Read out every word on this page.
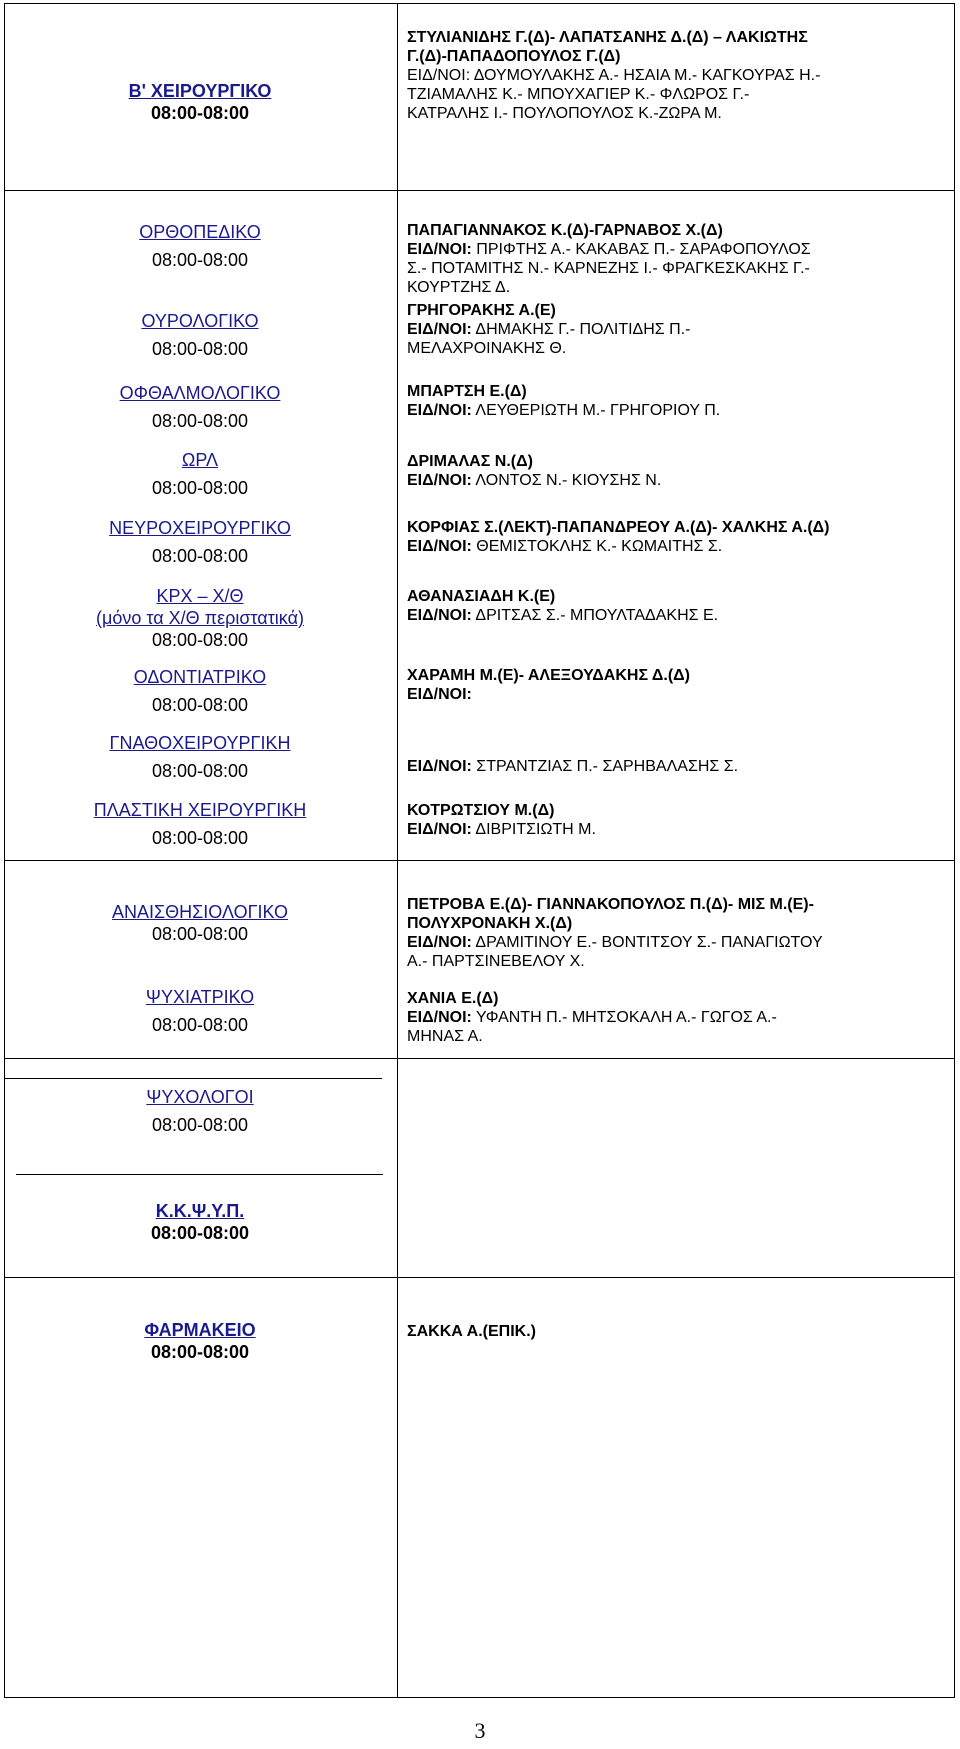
Β' ΧΕΙΡΟΥΡΓΙΚΟ
08:00-08:00

ΣΤΥΛΙΑΝΙΔΗΣ Γ.(Δ)- ΛΑΠΑΤΣΑΝΗΣ Δ.(Δ) – ΛΑΚΙΩΤΗΣ

Γ.(Δ)-ΠΑΠΑΔΟΠΟΥΛΟΣ Γ.(Δ)

ΕΙΔ/ΝΟΙ: ΔΟΥΜΟΥΛΑΚΗΣ Α.- ΗΣΑΙΑ Μ.- ΚΑΓΚΟΥΡΑΣ Η.-

ΤΖΙΑΜΑΛΗΣ Κ.- ΜΠΟΥΧΑΓΙΕΡ Κ.- ΦΛΩΡΟΣ Γ.-

ΚΑΤΡΑΛΗΣ Ι.- ΠΟΥΛΟΠΟΥΛΟΣ Κ.-ΖΩΡΑ Μ.

ΟΡΘΟΠΕΔΙΚΟ
08:00-08:00
ΟΥΡΟΛΟΓΙΚΟ
08:00-08:00
ΟΦΘΑΛΜΟΛΟΓΙΚΟ
08:00-08:00
ΩΡΛ
08:00-08:00
ΝΕΥΡΟΧΕΙΡΟΥΡΓΙΚΟ
08:00-08:00
ΚΡΧ – Χ/Θ
(μόνο τα Χ/Θ περιστατικά)
08:00-08:00
ΟΔΟΝΤΙΑΤΡΙΚΟ
08:00-08:00
ΓΝΑΘΟΧΕΙΡΟΥΡΓΙΚΗ
08:00-08:00
ΠΛΑΣΤΙΚΗ ΧΕΙΡΟΥΡΓΙΚΗ
08:00-08:00

ΠΑΠΑΓΙΑΝΝΑΚΟΣ Κ.(Δ)-ΓΑΡΝΑΒΟΣ Χ.(Δ)

ΕΙΔ/ΝΟΙ: ΠΡΙΦΤΗΣ Α.- ΚΑΚΑΒΑΣ Π.- ΣΑΡΑΦΟΠΟΥΛΟΣ

Σ.- ΠΟΤΑΜΙΤΗΣ Ν.- ΚΑΡΝΕΖΗΣ Ι.- ΦΡΑΓΚΕΣΚΑΚΗΣ Γ.-

ΚΟΥΡΤΖΗΣ Δ.

ΓΡΗΓΟΡΑΚΗΣ Α.(Ε)

ΕΙΔ/ΝΟΙ: ΔΗΜΑΚΗΣ Γ.- ΠΟΛΙΤΙΔΗΣ Π.-

ΜΕΛΑΧΡΟΙΝΑΚΗΣ Θ.

ΜΠΑΡΤΣΗ Ε.(Δ)

ΕΙΔ/ΝΟΙ: ΛΕΥΘΕΡΙΩΤΗ Μ.- ΓΡΗΓΟΡΙΟΥ Π.

ΔΡΙΜΑΛΑΣ Ν.(Δ)

ΕΙΔ/ΝΟΙ: ΛΟΝΤΟΣ Ν.- ΚΙΟΥΣΗΣ Ν.

ΚΟΡΦΙΑΣ Σ.(ΛΕΚΤ)-ΠΑΠΑΝΔΡΕΟΥ Α.(Δ)- ΧΑΛΚΗΣ Α.(Δ)

ΕΙΔ/ΝΟΙ: ΘΕΜΙΣΤΟΚΛΗΣ Κ.- ΚΩΜΑΙΤΗΣ Σ.

ΑΘΑΝΑΣΙΑΔΗ Κ.(Ε)

ΕΙΔ/ΝΟΙ: ΔΡΙΤΣΑΣ Σ.- ΜΠΟΥΛΤΑΔΑΚΗΣ Ε.

ΧΑΡΑΜΗ Μ.(Ε)- ΑΛΕΞΟΥΔΑΚΗΣ Δ.(Δ)

ΕΙΔ/ΝΟΙ:

ΕΙΔ/ΝΟΙ: ΣΤΡΑΝΤΖΙΑΣ Π.- ΣΑΡΗΒΑΛΑΣΗΣ Σ.

ΚΟΤΡΩΤΣΙΟΥ Μ.(Δ)

ΕΙΔ/ΝΟΙ: ΔΙΒΡΙΤΣΙΩΤΗ Μ.

ΑΝΑΙΣΘΗΣΙΟΛΟΓΙΚΟ
08:00-08:00
ΨΥΧΙΑΤΡΙΚΟ
08:00-08:00

ΠΕΤΡΟΒΑ Ε.(Δ)- ΓΙΑΝΝΑΚΟΠΟΥΛΟΣ Π.(Δ)- ΜΙΣ Μ.(Ε)-

ΠΟΛΥΧΡΟΝΑΚΗ Χ.(Δ)

ΕΙΔ/ΝΟΙ: ΔΡΑΜΙΤΙΝΟΥ Ε.- ΒΟΝΤΙΤΣΟΥ Σ.- ΠΑΝΑΓΙΩΤΟΥ

Α.- ΠΑΡΤΣΙΝΕΒΕΛΟΥ Χ.

ΧΑΝΙΑ Ε.(Δ)

ΕΙΔ/ΝΟΙ: ΥΦΑΝΤΗ Π.- ΜΗΤΣΟΚΑΛΗ Α.- ΓΩΓΟΣ Α.-

ΜΗΝΑΣ Α.

ΨΥΧΟΛΟΓΟΙ
08:00-08:00
Κ.Κ.Ψ.Υ.Π.
08:00-08:00
ΦΑΡΜΑΚΕΙΟ
08:00-08:00

ΣΑΚΚΑ Α.(ΕΠΙΚ.)

3
